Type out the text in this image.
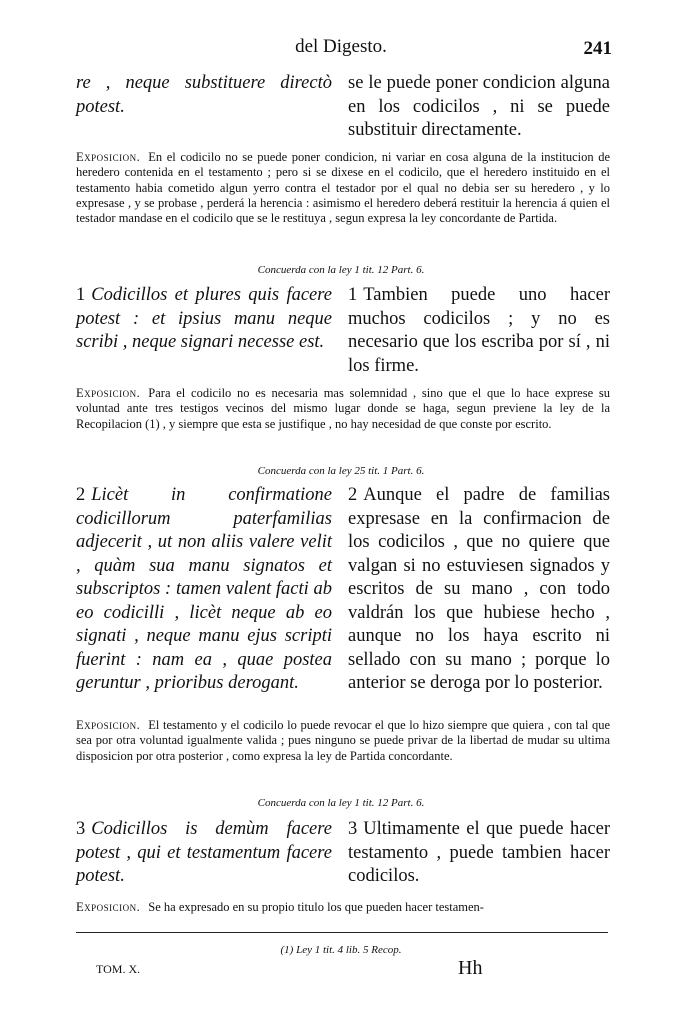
del Digesto.	241
re , neque substituere directò potest.
se le puede poner condicion alguna en los codicilos , ni se puede substituir directamente.
Exposicion. En el codicilo no se puede poner condicion, ni variar en cosa alguna de la institucion de heredero contenida en el testamento ; pero si se dixese en el codicilo, que el heredero instituido en el testamento habia cometido algun yerro contra el testador por el qual no debia ser su heredero , y lo expresase , y se probase , perderá la herencia : asimismo el heredero deberá restituir la herencia á quien el testador mandase en el codicilo que se le restituya , segun expresa la ley concordante de Partida.
Concuerda con la ley 1 tit. 12 Part. 6.
1 Codicillos et plures quis facere potest : et ipsius manu neque scribi , neque signari necesse est.
1 Tambien puede uno hacer muchos codicilos ; y no es necesario que los escriba por sí , ni los firme.
Exposicion. Para el codicilo no es necesaria mas solemnidad , sino que el que lo hace exprese su voluntad ante tres testigos vecinos del mismo lugar donde se haga, segun previene la ley de la Recopilacion (1) , y siempre que esta se justifique , no hay necesidad de que conste por escrito.
Concuerda con la ley 25 tit. 1 Part. 6.
2 Licèt in confirmatione codicillorum paterfamilias adjecerit , ut non aliis valere velit , quàm sua manu signatos et subscriptos : tamen valent facti ab eo codicilli , licèt neque ab eo signati , neque manu ejus scripti fuerint : nam ea , quae postea geruntur , prioribus derogant.
2 Aunque el padre de familias expresase en la confirmacion de los codicilos , que no quiere que valgan si no estuviesen signados y escritos de su mano , con todo valdrán los que hubiese hecho , aunque no los haya escrito ni sellado con su mano ; porque lo anterior se deroga por lo posterior.
Exposicion. El testamento y el codicilo lo puede revocar el que lo hizo siempre que quiera , con tal que sea por otra voluntad igualmente valida ; pues ninguno se puede privar de la libertad de mudar su ultima disposicion por otra posterior , como expresa la ley de Partida concordante.
Concuerda con la ley 1 tit. 12 Part. 6.
3 Codicillos is demùm facere potest , qui et testamentum facere potest.
3 Ultimamente el que puede hacer testamento , puede tambien hacer codicilos.
Exposicion. Se ha expresado en su propio titulo los que pueden hacer testamen-
(1) Ley 1 tit. 4 lib. 5 Recop.
TOM. X.	Hh
